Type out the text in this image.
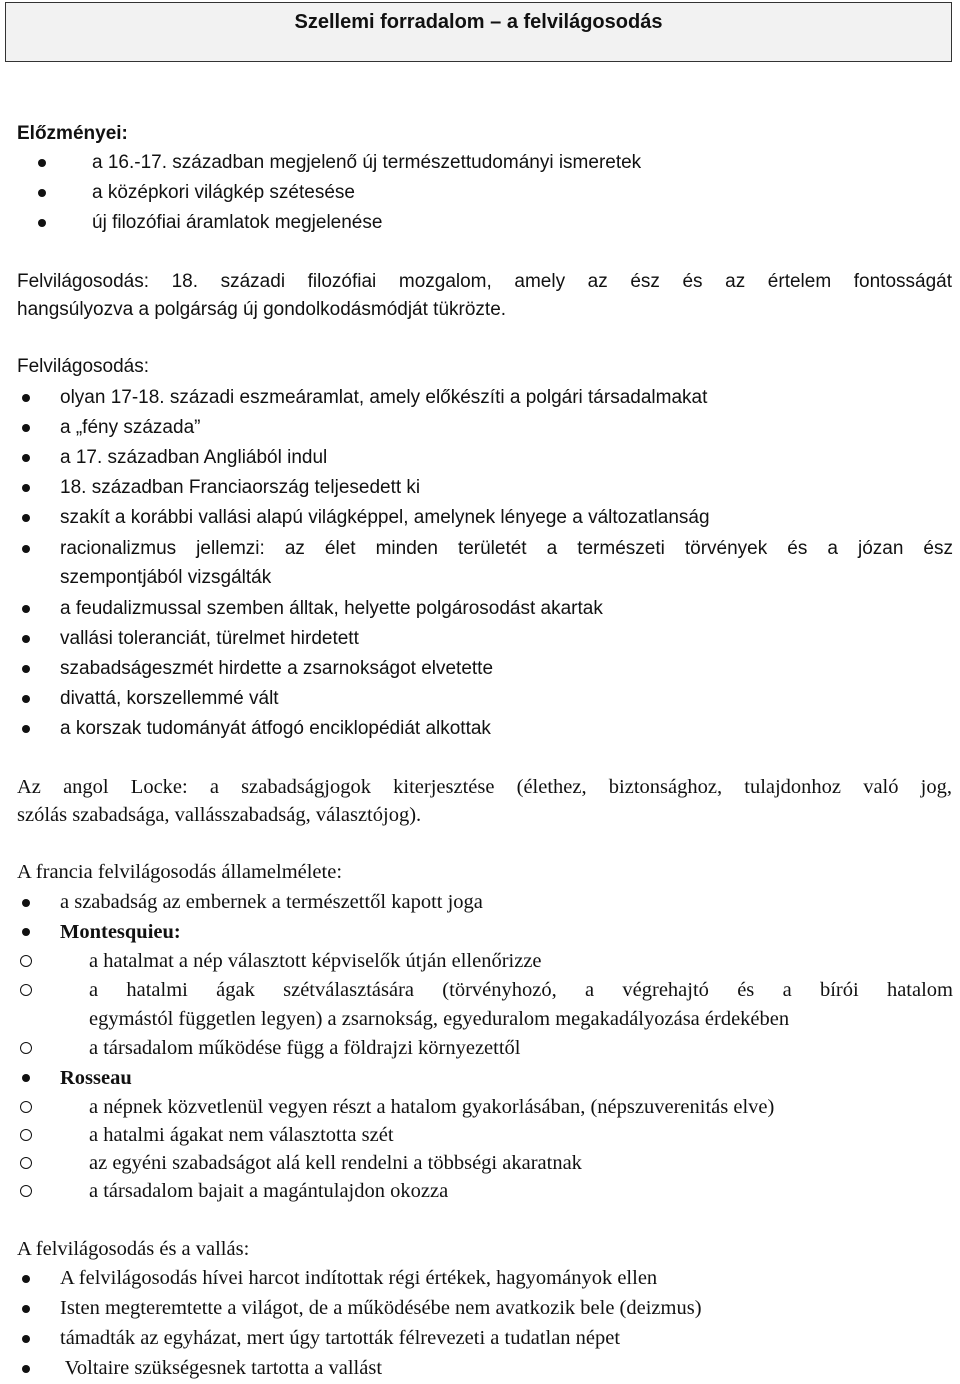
Szellemi forradalom – a felvilágosodás
Előzményei:
a 16.-17. században megjelenő új természettudományi ismeretek
a középkori világkép szétesése
új filozófiai áramlatok megjelenése
Felvilágosodás: 18. századi filozófiai mozgalom, amely az ész és az értelem fontosságát
hangsúlyozva a polgárság új gondolkodásmódját tükrözte.
Felvilágosodás:
olyan 17-18. századi eszmeáramlat, amely előkészíti a polgári társadalmakat
a „fény százada”
a 17. században Angliából indul
18. században Franciaország teljesedett ki
szakít a korábbi vallási alapú világképpel, amelynek lényege a változatlanság
racionalizmus jellemzi: az élet minden területét a természeti törvények és a józan ész
szempontjából vizsgálták
a feudalizmussal szemben álltak, helyette polgárosodást akartak
vallási toleranciát, türelmet hirdetett
szabadságeszmét hirdette a zsarnokságot elvetette
divattá, korszellemmé vált
a korszak tudományát átfogó enciklopédiát alkottak
Az angol Locke: a szabadságjogok kiterjesztése (élethez, biztonsághoz, tulajdonhoz való jog,
szólás szabadsága, vallásszabadság, választójog).
A francia felvilágosodás államelmélete:
a szabadság az embernek a természettől kapott joga
Montesquieu:
a hatalmat a nép választott képviselők útján ellenőrizze
a hatalmi ágak szétválasztására (törvényhozó, a végrehajtó és a bírói hatalom
egymástól független legyen) a zsarnokság, egyeduralom megakadályozása érdekében
a társadalom működése függ a földrajzi környezettől
Rosseau
a népnek közvetlenül vegyen részt a hatalom gyakorlásában, (népszuverenitás elve)
a hatalmi ágakat nem választotta szét
az egyéni szabadságot alá kell rendelni a többségi akaratnak
a társadalom bajait a magántulajdon okozza
A felvilágosodás és a vallás:
A felvilágosodás hívei harcot indítottak régi értékek, hagyományok ellen
Isten megteremtette a világot, de a működésébe nem avatkozik bele (deizmus)
támadták az egyházat, mert úgy tartották félrevezeti a tudatlan népet
Voltaire szükségesnek tartotta a vallást
